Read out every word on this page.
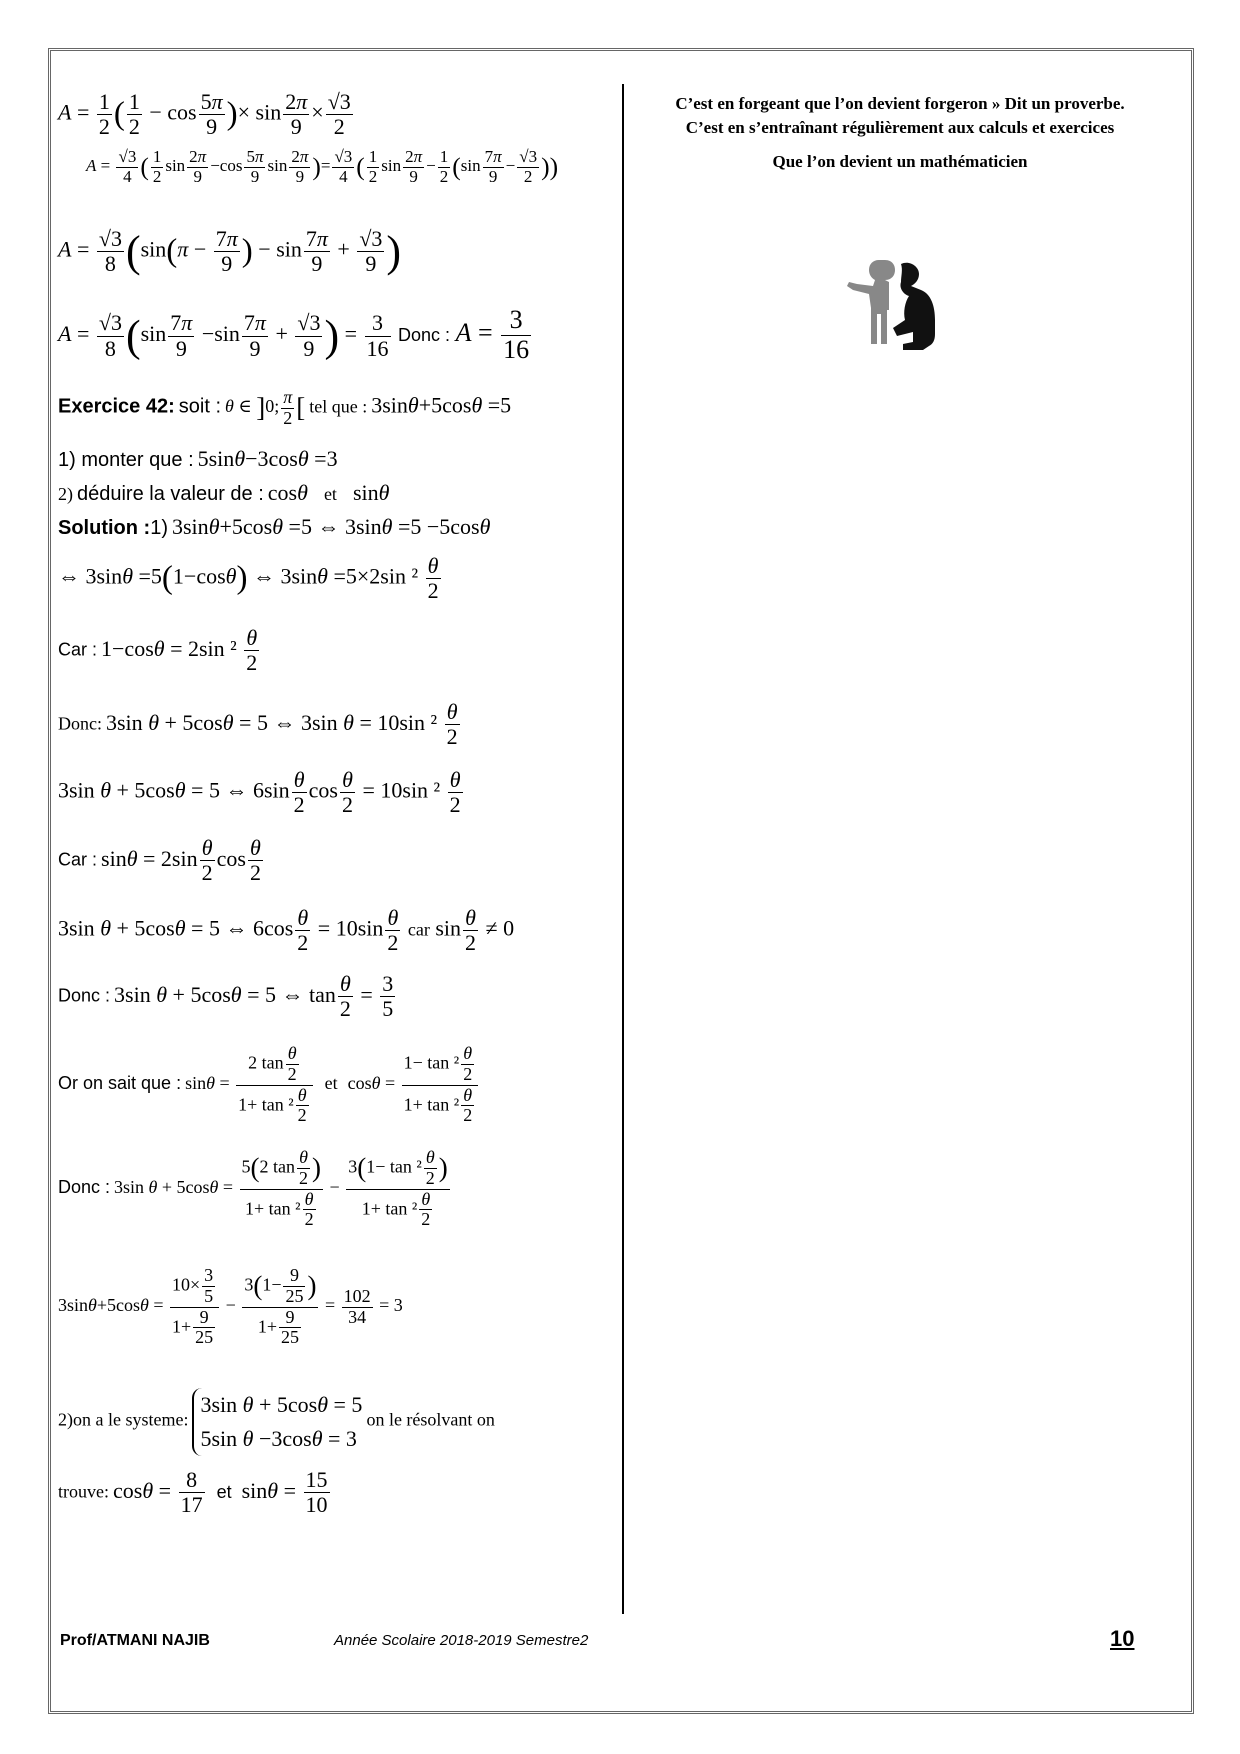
$A = \frac{1}{2}$ ( $\frac{1}{2} - \cos \frac{5\pi}{9}$ )× $\sin \frac{2\pi}{9} \times \frac{√3}{2}$
$A = \frac{√3}{4}$ ( $\frac{1}{2}$ $\sin \frac{2\pi}{9} -\cos \frac{5\pi}{9}$ $\sin \frac{2\pi}{9}$ )= $\frac{√3}{4}$ ( $\frac{1}{2}$ $\sin \frac{2\pi}{9} - \frac{1}{2} (\sin \frac{7\pi}{9} - \frac{√3}{2}$ ))
$A = \frac{√3}{8} (\sin(\pi - \frac{7\pi}{9}$ ) − $\sin \frac{7\pi}{9} + \frac{√3}{9}$ )
$A = \frac{√3}{8} (\sin \frac{7\pi}{9} -\sin \frac{7\pi}{9} + \frac{√3}{9}$ ) = $\frac{3}{16}$ Donc : $A = \frac{3}{16}$
Exercice 42: soit : θ ∈ ]0; $\frac{\pi}{2}$ [ tel que : 3sinθ+5cosθ =5
1) monter que : 5sinθ−3cosθ =3
2) déduire la valeur de : cosθ et sinθ
Solution :1) 3sinθ+5cosθ =5 ⇔ 3sinθ =5 −5cosθ
⇔ 3sinθ =5(1−cosθ) ⇔ 3sinθ =5×2sin $^2 \frac{\theta}{2}$
Car : 1−cosθ = 2sin $^2 \frac{\theta}{2}$
Donc: 3sin θ + 5cosθ = 5 ⇔ 3sin θ = 10sin $^2 \frac{\theta}{2}$
3sin θ + 5cosθ = 5 ⇔ $6\sin \frac{\theta}{2}$ $\cos \frac{\theta}{2} = 10\sin$ $^2 \frac{\theta}{2}$
Car : $\sin\theta = 2\sin \frac{\theta}{2}$ $\cos \frac{\theta}{2}$
3sin θ + 5cosθ = 5 ⇔ $6\cos \frac{\theta}{2} = 10\sin \frac{\theta}{2}$ car $\sin \frac{\theta}{2} \ne 0$
Donc : 3sin θ + 5cosθ = 5 ⇔ $\tan \frac{\theta}{2} = \frac{3}{5}$
Or on sait que : $\sin\theta = \frac{2 \tan \frac{\theta}{2}}{1+ \tan ^2 \frac{\theta}{2}}$ et $\cos\theta = \frac{1- \tan ^2 \frac{\theta}{2}}{1+ \tan ^2 \frac{\theta}{2}}$
Donc : 3sin $\theta + 5\cos\theta = \frac{5(2 \tan \frac{\theta}{2} )}{1+ \tan ^2 \frac{\theta}{2}} - \frac{3(1- \tan ^2 \frac{\theta}{2} )}{1+ \tan ^2 \frac{\theta}{2}}$
$3\sin\theta+5\cos\theta = \frac{10\times \frac{3}{5}}{1+ \frac{9}{25}} - \frac{3(1- \frac{9}{25} )}{1+ \frac{9}{25}} = \frac{102}{34} = 3$
2)on a le systeme:
3sin θ + 5cosθ = 5
5sin θ −3cosθ = 3
on le résolvant on
trouve: $\cos\theta = \frac{8}{17}$ et $\sin\theta = \frac{15}{10}$
C’est en forgeant que l’on devient forgeron » Dit un proverbe.
C’est en s’entraînant régulièrement aux calculs et exercices
Que l’on devient un mathématicien
Prof/ATMANI NAJIB	Année Scolaire 2018-2019 Semestre2	10
